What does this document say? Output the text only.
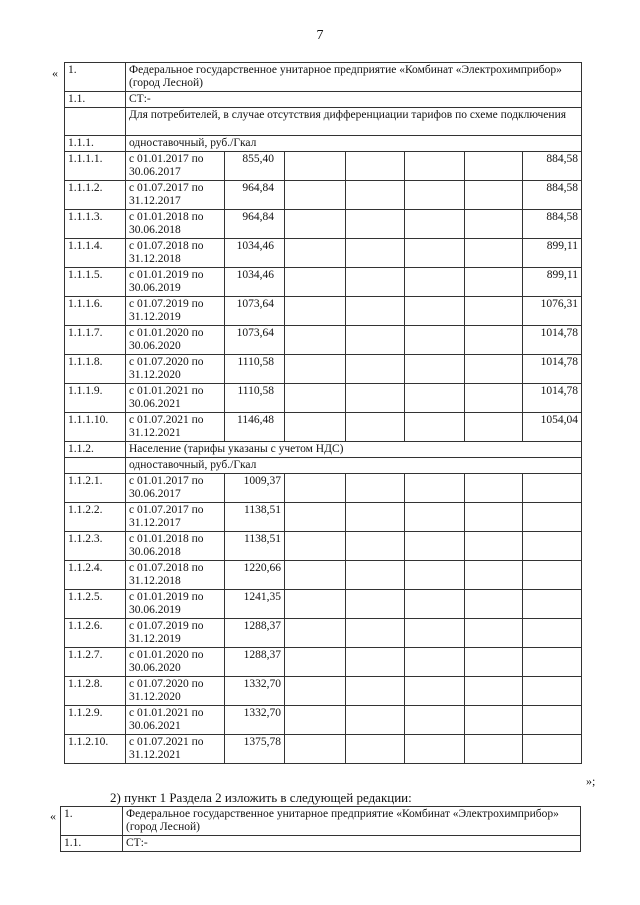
7
« 1.	Федеральное государственное унитарное предприятие «Комбинат «Электрохимприбор» (город Лесной)						
1.1.	СТ:-						
	Для потребителей, в случае отсутствия дифференциации тарифов по схеме подключения						
1.1.1.	одноставочный, руб./Гкал						
1.1.1.1.	с 01.01.2017 по 30.06.2017	855,40					884,58
1.1.1.2.	с 01.07.2017 по 31.12.2017	964,84					884,58
1.1.1.3.	с 01.01.2018 по 30.06.2018	964,84					884,58
1.1.1.4.	с 01.07.2018 по 31.12.2018	1034,46					899,11
1.1.1.5.	с 01.01.2019 по 30.06.2019	1034,46					899,11
1.1.1.6.	с 01.07.2019 по 31.12.2019	1073,64					1076,31
1.1.1.7.	с 01.01.2020 по 30.06.2020	1073,64					1014,78
1.1.1.8.	с 01.07.2020 по 31.12.2020	1110,58					1014,78
1.1.1.9.	с 01.01.2021 по 30.06.2021	1110,58					1014,78
1.1.1.10.	с 01.07.2021 по 31.12.2021	1146,48					1054,04
1.1.2.	Население (тарифы указаны с учетом НДС)						
	одноставочный, руб./Гкал						
1.1.2.1.	с 01.01.2017 по 30.06.2017	1009,37					
1.1.2.2.	с 01.07.2017 по 31.12.2017	1138,51					
1.1.2.3.	с 01.01.2018 по 30.06.2018	1138,51					
1.1.2.4.	с 01.07.2018 по 31.12.2018	1220,66					
1.1.2.5.	с 01.01.2019 по 30.06.2019	1241,35					
1.1.2.6.	с 01.07.2019 по 31.12.2019	1288,37					
1.1.2.7.	с 01.01.2020 по 30.06.2020	1288,37					
1.1.2.8.	с 01.07.2020 по 31.12.2020	1332,70					
1.1.2.9.	с 01.01.2021 по 30.06.2021	1332,70					
1.1.2.10.	с 01.07.2021 по 31.12.2021	1375,78					
»;
2) пункт 1 Раздела 2 изложить в следующей редакции:
« 1.	Федеральное государственное унитарное предприятие «Комбинат «Электрохимприбор» (город Лесной)
1.1.	СТ:-
